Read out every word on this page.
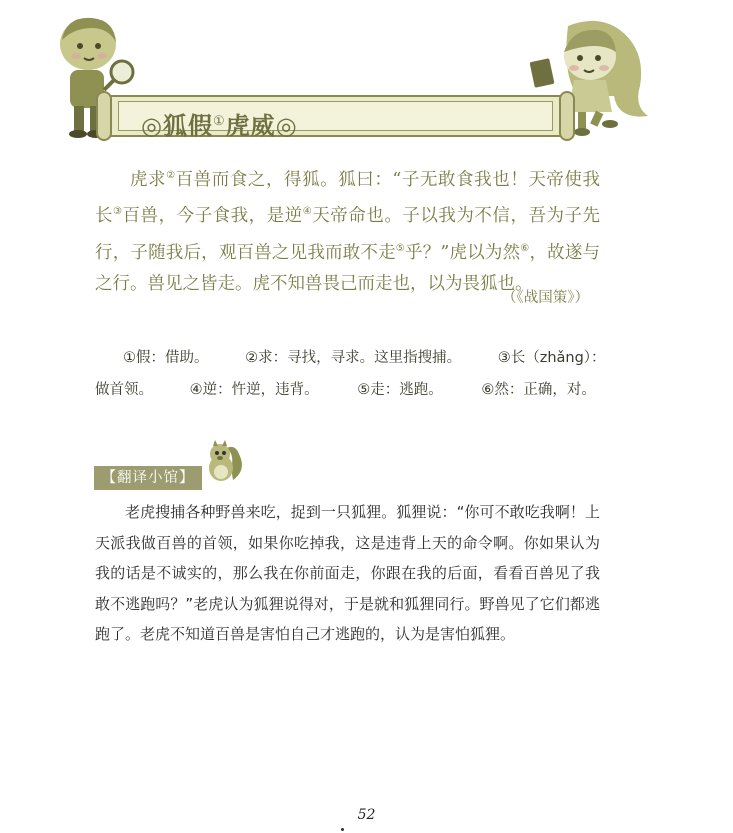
◎狐假①虎威◎

虎求②百兽而食之，得狐。狐曰：“子无敢食我也！天帝使我长③百兽，今子食我，是逆④天帝命也。子以我为不信，吾为子先行，子随我后，观百兽之见我而敢不走⑤乎？”虎以为然⑥，故遂与之行。兽见之皆走。虎不知兽畏己而走也，以为畏狐也。

（《战国策》）
①假：借助。	②求：寻找，寻求。这里指搜捕。	③长（zhǎng）：
做首领。	④逆：忤逆，违背。	⑤走：逃跑。	⑥然：正确，对。
【翻译小馆】

老虎搜捕各种野兽来吃，捉到一只狐狸。狐狸说：“你可不敢吃我啊！上天派我做百兽的首领，如果你吃掉我，这是违背上天的命令啊。你如果认为我的话是不诚实的，那么我在你前面走，你跟在我的后面，看看百兽见了我敢不逃跑吗？”老虎认为狐狸说得对，于是就和狐狸同行。野兽见了它们都逃跑了。老虎不知道百兽是害怕自己才逃跑的，认为是害怕狐狸。

52
